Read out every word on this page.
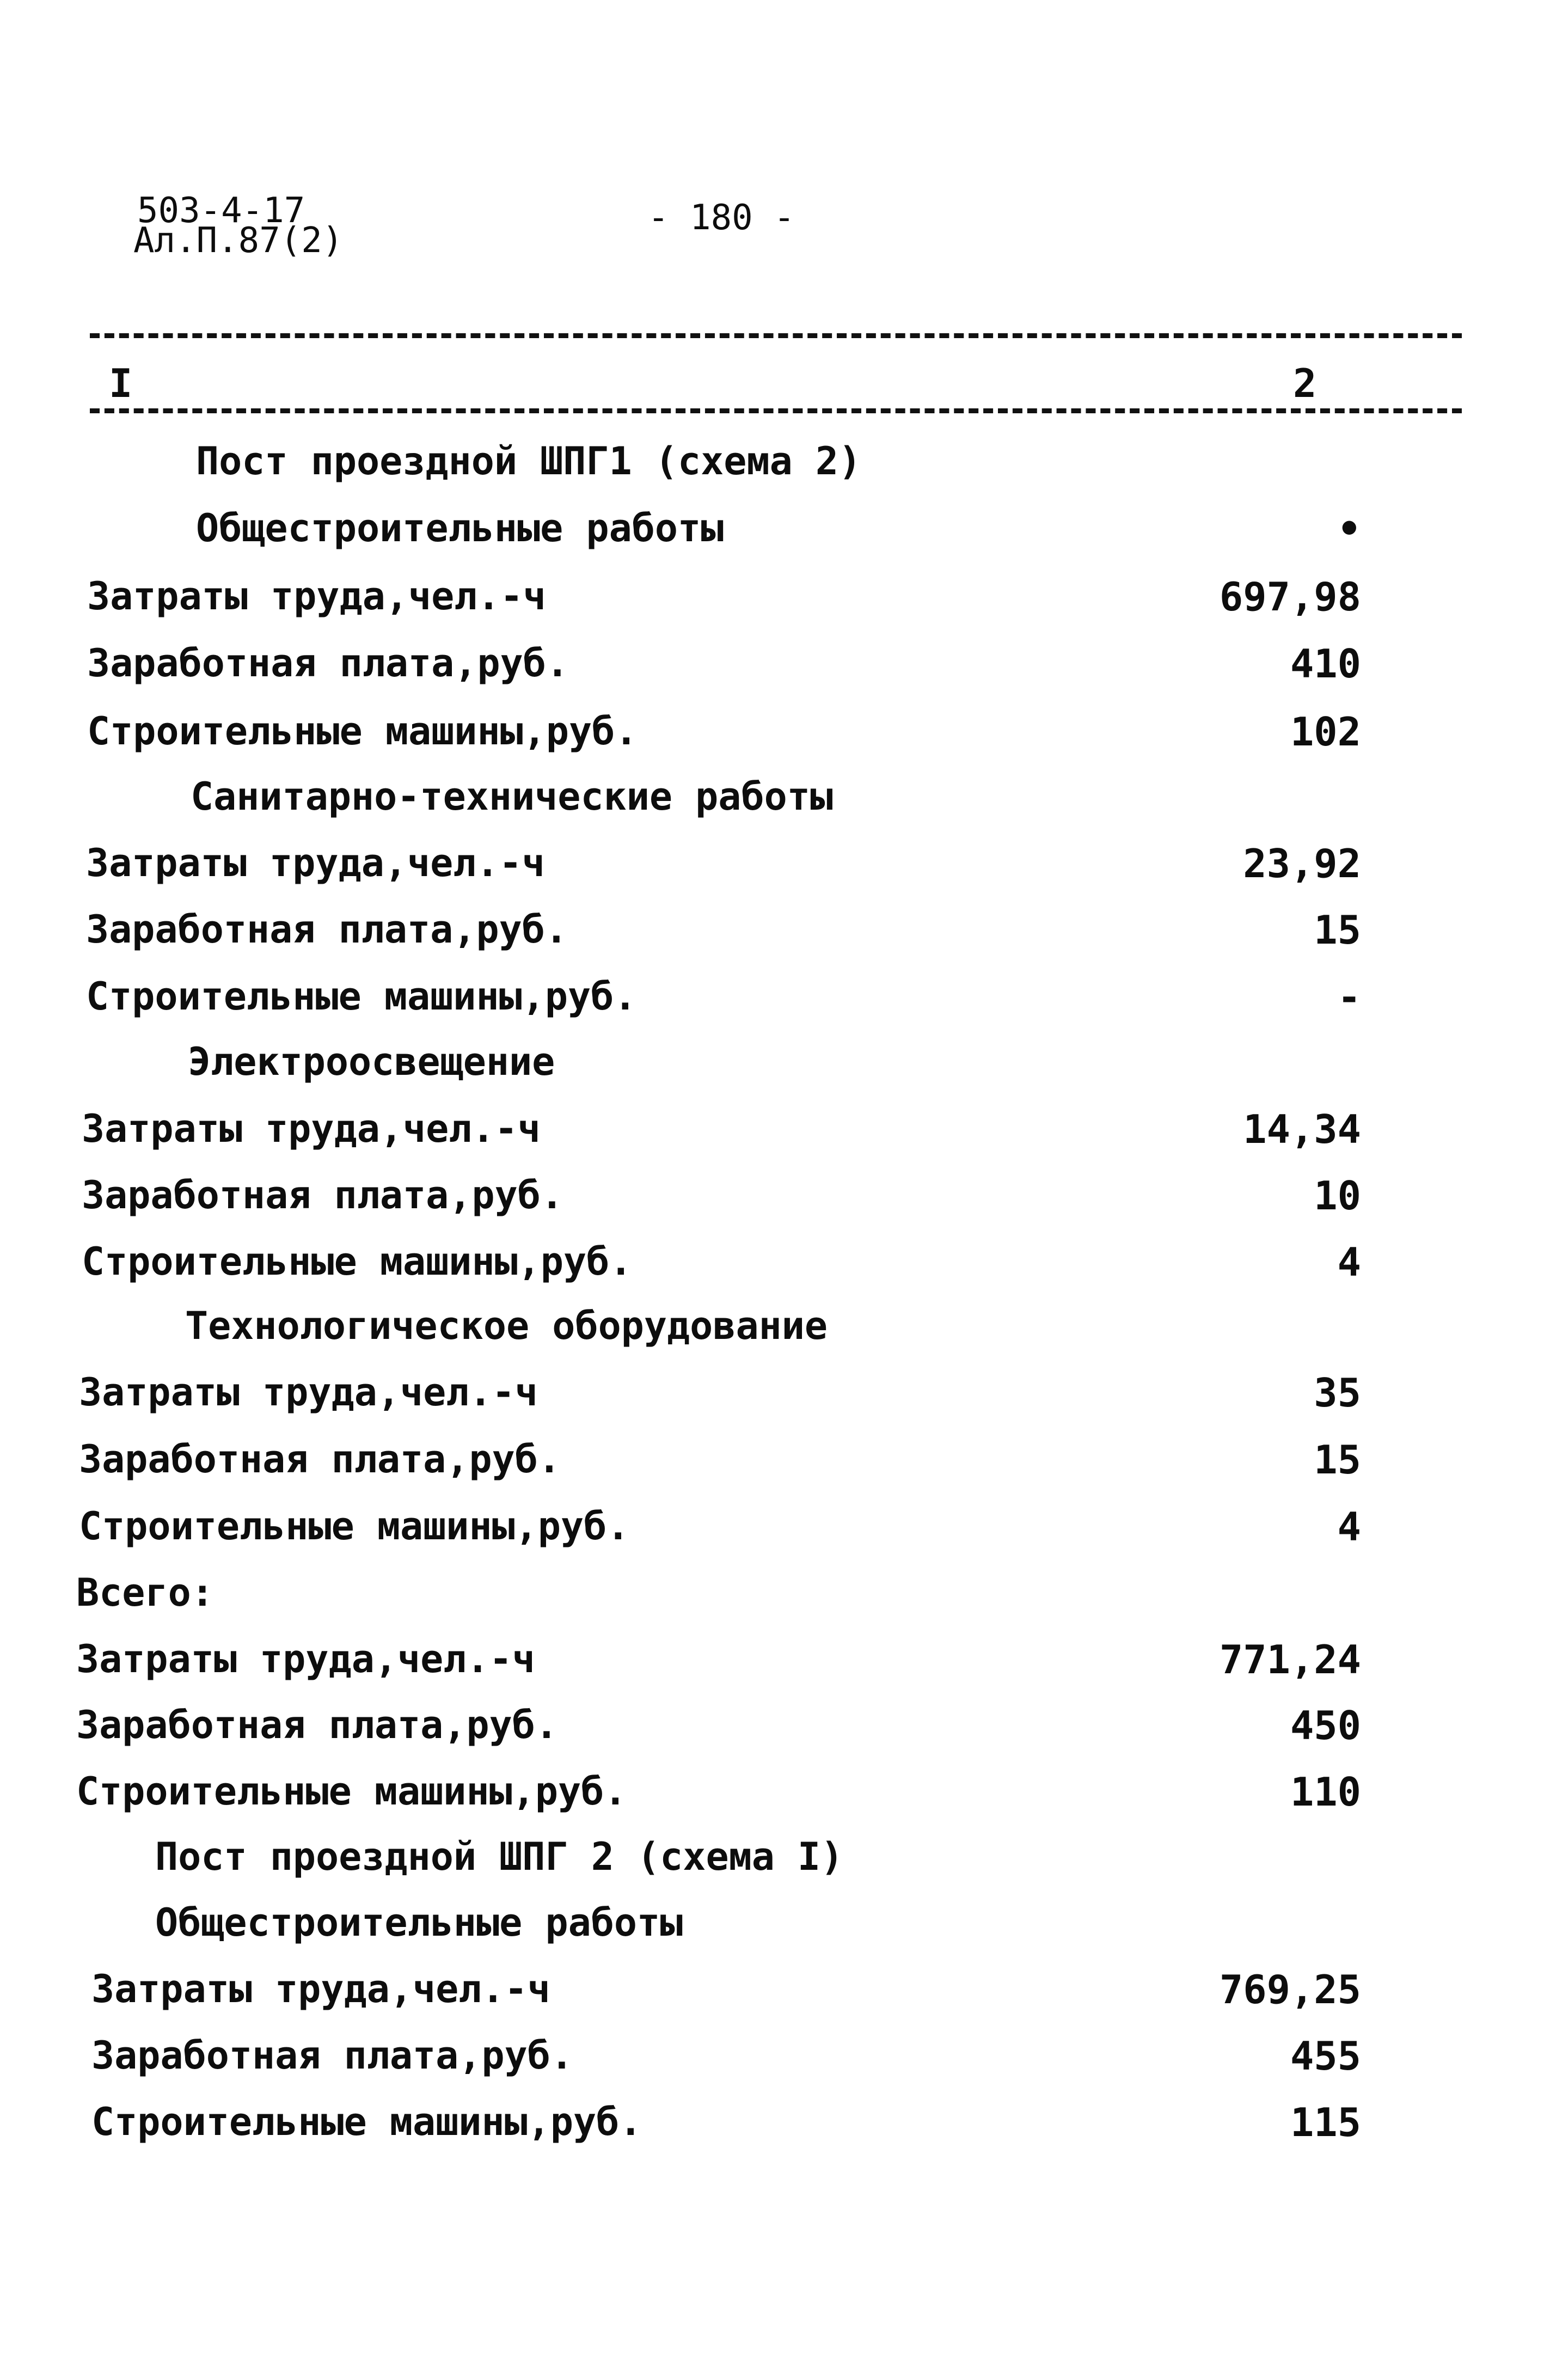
503-4-17
Ал.П.87(2)
- 180 -
I	2
Пост проездной ШПГ1 (схема 2)
Общестроительные работы	•
Затраты труда,чел.-ч	697,98
Заработная плата,руб.	410
Строительные машины,руб.	102
Санитарно-технические работы
Затраты труда,чел.-ч	23,92
Заработная плата,руб.	15
Строительные машины,руб.	-
Электроосвещение
Затраты труда,чел.-ч	14,34
Заработная плата,руб.	10
Строительные машины,руб.	4
Технологическое оборудование
Затраты труда,чел.-ч	35
Заработная плата,руб.	15
Строительные машины,руб.	4
Всего:
Затраты труда,чел.-ч	771,24
Заработная плата,руб.	450
Строительные машины,руб.	110
Пост проездной ШПГ 2 (схема I)
Общестроительные работы
Затраты труда,чел.-ч	769,25
Заработная плата,руб.	455
Строительные машины,руб.	115
